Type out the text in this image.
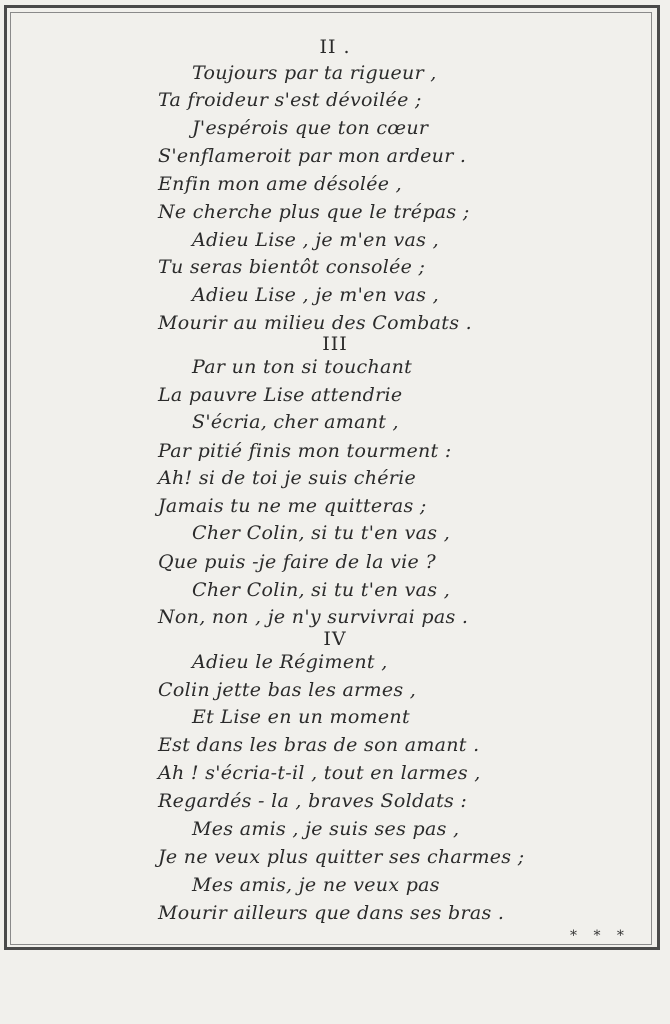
II .
Toujours par ta rigueur ,
Ta froideur s'est dévoilée ;
J'espérois que ton cœur
S'enflameroit par mon ardeur .
Enfin mon ame désolée ,
Ne cherche plus que le trépas ;
Adieu Lise , je m'en vas ,
Tu seras bientôt consolée ;
Adieu Lise , je m'en vas ,
Mourir au milieu des Combats .
III
Par un ton si touchant
La pauvre Lise attendrie
S'écria, cher amant ,
Par pitié finis mon tourment :
Ah! si de toi je suis chérie
Jamais tu ne me quitteras ;
Cher Colin, si tu t'en vas ,
Que puis -je faire de la vie ?
Cher Colin, si tu t'en vas ,
Non, non , je n'y survivrai pas .
IV
Adieu le Régiment ,
Colin jette bas les armes ,
Et Lise en un moment
Est dans les bras de son amant .
Ah ! s'écria-t-il , tout en larmes ,
Regardés - la , braves Soldats :
Mes amis , je suis ses pas ,
Je ne veux plus quitter ses charmes ;
Mes amis, je ne veux pas
Mourir ailleurs que dans ses bras .
* * *
